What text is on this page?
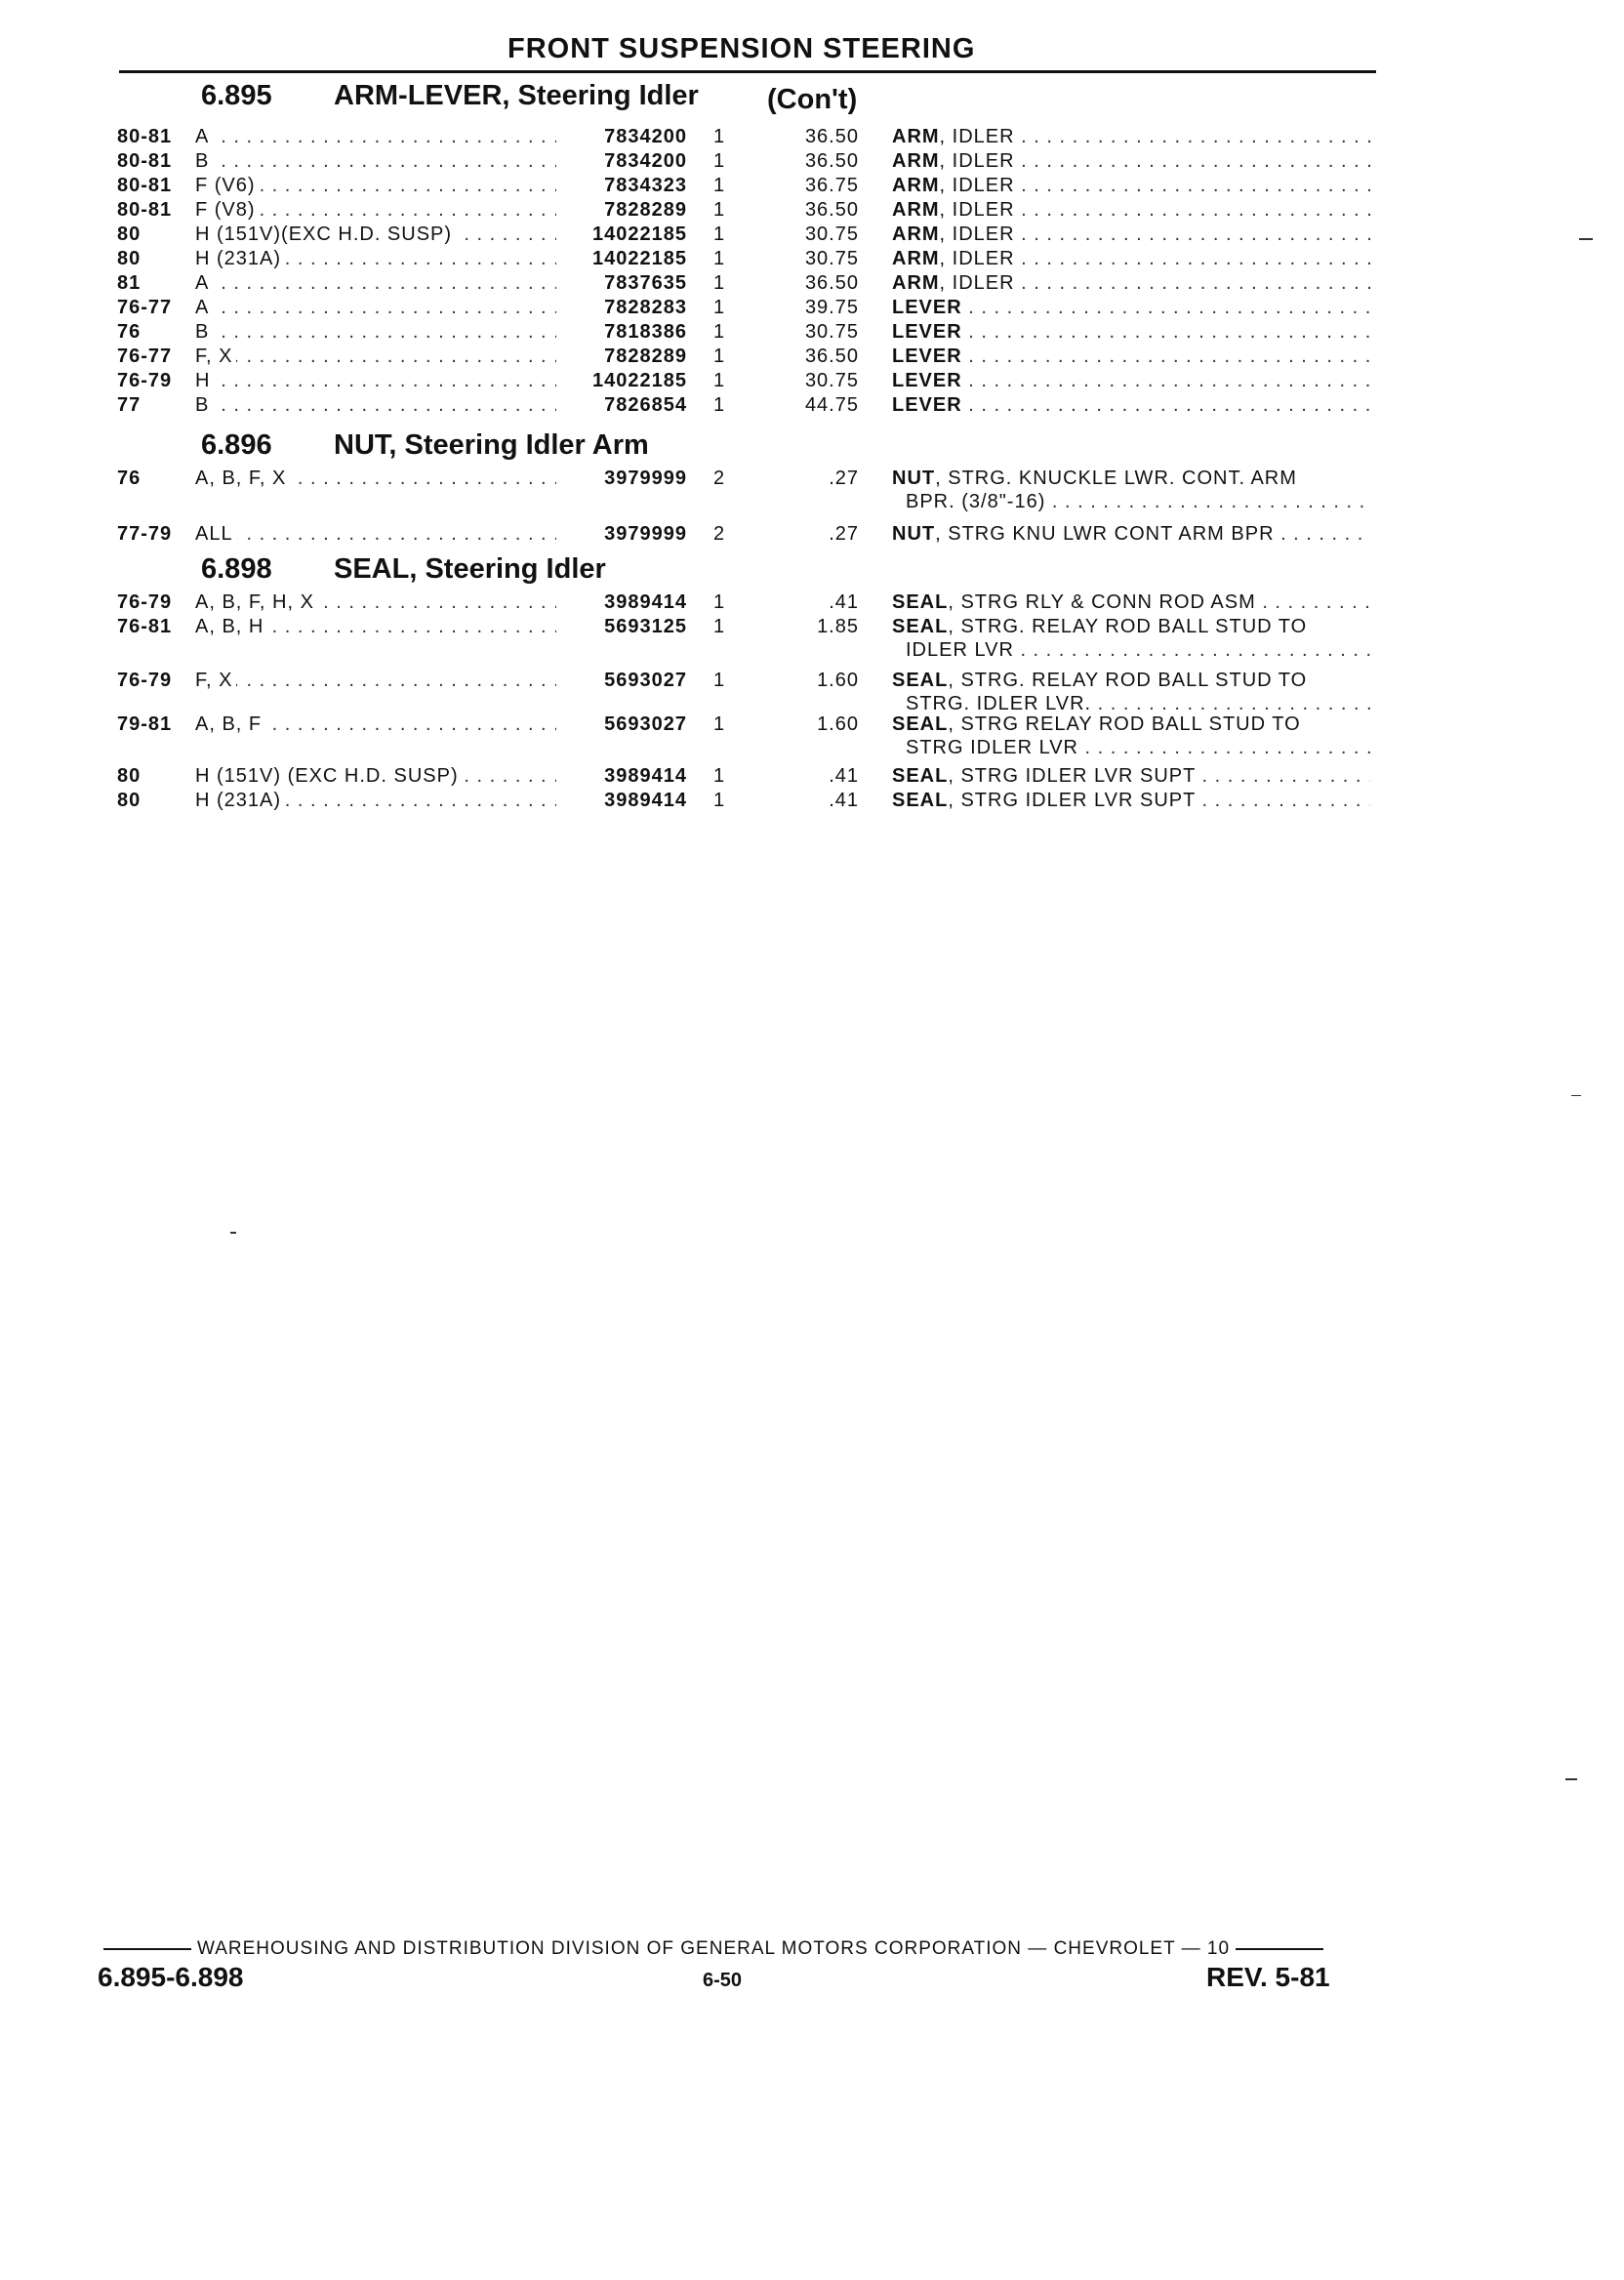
FRONT SUSPENSION STEERING
6.895 ARM-LEVER, Steering Idler (Con't)
80-81 A . . .	7834200	1	36.50 ARM, IDLER . . .
80-81 B . . .	7834200	1	36.50 ARM, IDLER . . .
80-81 F (V6) . . .	7834323	1	36.75 ARM, IDLER . . .
80-81 F (V8) . . .	7828289	1	36.50 ARM, IDLER . . .
80	H (151V)(EXC H.D. SUSP) . . .	14022185	1	30.75 ARM, IDLER . . .
80	H (231A) . . .	14022185	1	30.75 ARM, IDLER . . .
81	A . . .	7837635	1	36.50 ARM, IDLER . . .
76-77 A . . .	7828283	1	39.75 LEVER . . .
76	B . . .	7818386	1	30.75 LEVER . . .
76-77 F, X . . .	7828289	1	36.50 LEVER . . .
76-79 H . . .	14022185	1	30.75 LEVER . . .
77	B . . .	7826854	1	44.75 LEVER . . .
6.896 NUT, Steering Idler Arm
76	A, B, F, X . . .	3979999	2	.27 NUT, STRG. KNUCKLE LWR. CONT. ARM
BPR. (3/8"-16) . . .
77-79 ALL . . .	3979999	2	.27 NUT, STRG KNU LWR CONT ARM BPR . . .
6.898 SEAL, Steering Idler
76-79 A, B, F, H, X . . .	3989414	1	.41 SEAL, STRG RLY & CONN ROD ASM . . .
76-81 A, B, H . . .	5693125	1	1.85 SEAL, STRG. RELAY ROD BALL STUD TO
IDLER LVR . . .
76-79 F, X . . .	5693027	1	1.60 SEAL, STRG. RELAY ROD BALL STUD TO
STRG. IDLER LVR. . . .
79-81 A, B, F . . .	5693027	1	1.60 SEAL, STRG RELAY ROD BALL STUD TO
STRG IDLER LVR . . .
80	H (151V) (EXC H.D. SUSP) . . .	3989414	1	.41 SEAL, STRG IDLER LVR SUPT . . .
80	H (231A) . . .	3989414	1	.41 SEAL, STRG IDLER LVR SUPT . . .
WAREHOUSING AND DISTRIBUTION DIVISION OF GENERAL MOTORS CORPORATION — CHEVROLET — 10
6.895-6.898	6-50	REV. 5-81
